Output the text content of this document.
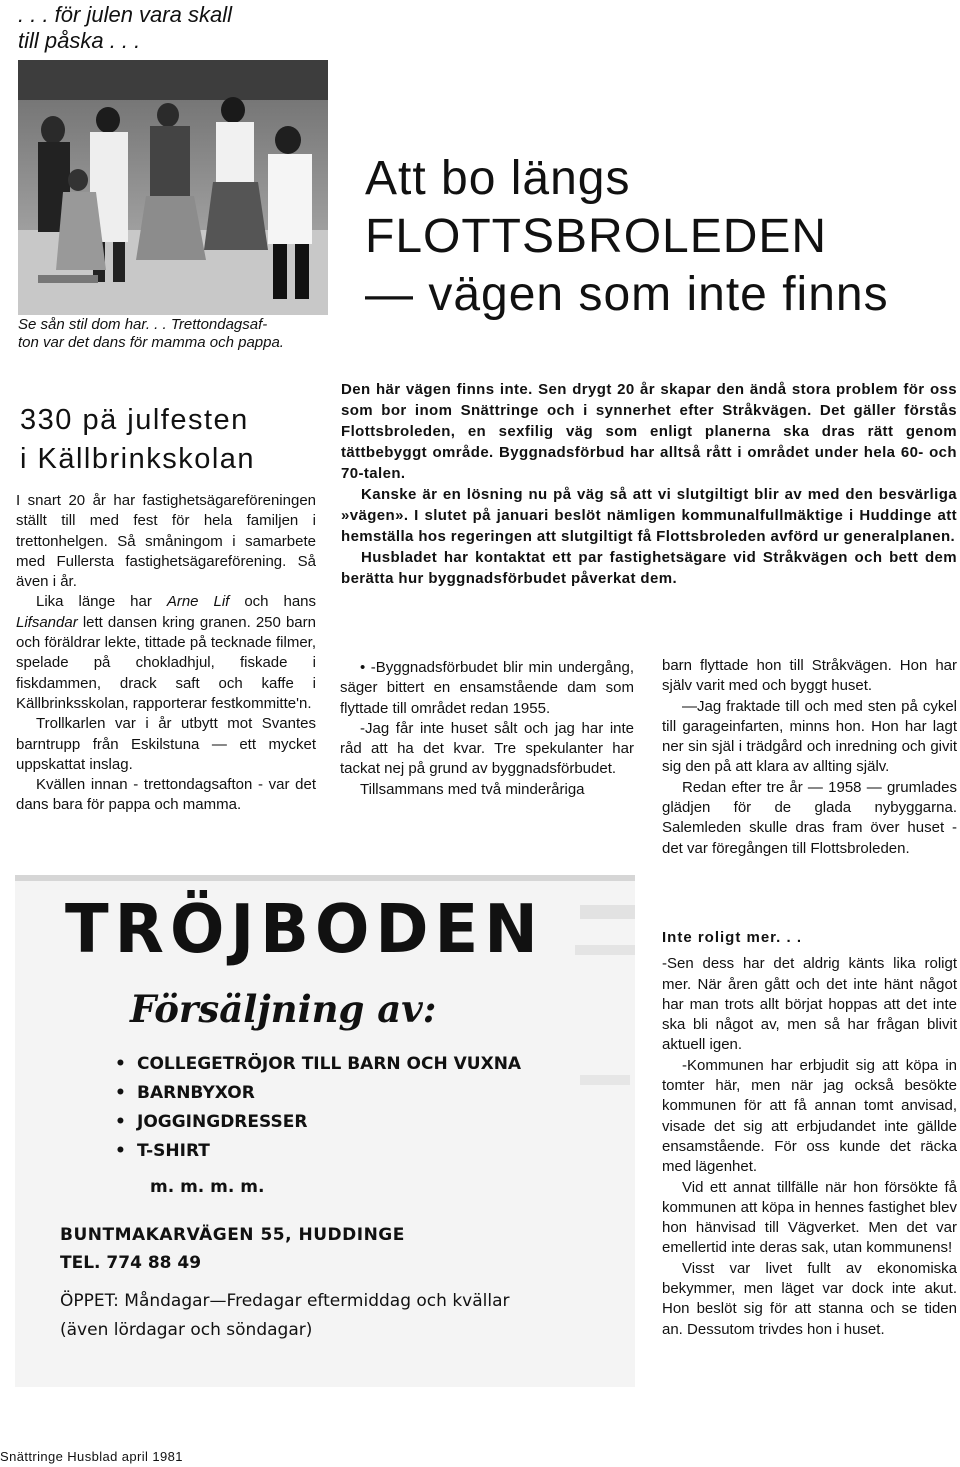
. . . för julen vara skall
till påska . . .
Se sån stil dom har. . . Trettondagsaf-
ton var det dans för mamma och pappa.
Att bo längs
FLOTTSBROLEDEN
— vägen som inte finns

Den här vägen finns inte. Sen drygt 20 år skapar den ändå stora problem för oss som bor inom Snättringe och i synnerhet efter Stråkvägen. Det gäller förstås Flottsbroleden, en sexfilig väg som enligt planerna ska dras rätt genom tättbebyggt område. Byggnadsförbud har alltså rått i området under hela 60- och 70-talen.

Kanske är en lösning nu på väg så att vi slutgiltigt blir av med den besvärliga »vägen». I slutet på januari beslöt nämligen kommunalfullmäktige i Huddinge att hemställa hos regeringen att slutgiltigt få Flottsbroleden avförd ur generalplanen.

Husbladet har kontaktat ett par fastighetsägare vid Stråkvägen och bett dem berätta hur byggnadsförbudet påverkat dem.

330 pä julfesten
i Källbrinkskolan

I snart 20 år har fastighetsägareföreningen ställt till med fest för hela familjen i trettonhelgen. Så småningom i samarbete med Fullersta fastighetsägareförening. Så även i år.

Lika länge har Arne Lif och hans Lifsandar lett dansen kring granen. 250 barn och föräldrar lekte, tittade på tecknade filmer, spelade på chokladhjul, fiskade i fiskdammen, drack saft och kaffe i Källbrinksskolan, rapporterar festkommitte'n.

Trollkarlen var i år utbytt mot Svantes barntrupp från Eskilstuna — ett mycket uppskattat inslag.

Kvällen innan - trettondagsafton - var det dans bara för pappa och mamma.

• -Byggnadsförbudet blir min undergång, säger bittert en ensamstående dam som flyttade till området redan 1955.

-Jag får inte huset sålt och jag har inte råd att ha det kvar. Tre spekulanter har tackat nej på grund av byggnadsförbudet.

Tillsammans med två minderåriga

barn flyttade hon till Stråkvägen. Hon har själv varit med och byggt huset.

—Jag fraktade till och med sten på cykel till garageinfarten, minns hon. Hon har lagt ner sin själ i trädgård och inredning och givit sig den på att klara av allting själv.

Redan efter tre år — 1958 — grumlades glädjen för de glada nybyggarna. Salemleden skulle dras fram över huset - det var föregången till Flottsbroleden.

Inte roligt mer. . .

-Sen dess har det aldrig känts lika roligt mer. När åren gått och det inte hänt något har man trots allt börjat hoppas att det inte ska bli något av, men så har frågan blivit aktuell igen.

-Kommunen har erbjudit sig att köpa in tomter här, men när jag också besökte kommunen för att få annan tomt anvisad, visade det sig att erbjudandet inte gällde ensamstående. För oss kunde det räcka med lägenhet.

Vid ett annat tillfälle när hon försökte få kommunen att köpa in hennes fastighet blev hon hänvisad till Vägverket. Men det var emellertid inte deras sak, utan kommunens!

Visst var livet fullt av ekonomiska bekymmer, men läget var dock inte akut. Hon beslöt sig för att stanna och se tiden an. Dessutom trivdes hon i huset.

TRÖJBODEN
Försäljning av:
• COLLEGETRÖJOR TILL BARN OCH VUXNA
• BARNBYXOR
• JOGGINGDRESSER
• T-SHIRT
m. m. m. m.
BUNTMAKARVÄGEN 55, HUDDINGE
TEL. 774 88 49
ÖPPET: Måndagar—Fredagar eftermiddag och kvällar
(även lördagar och söndagar)
Snättringe Husblad april 1981
